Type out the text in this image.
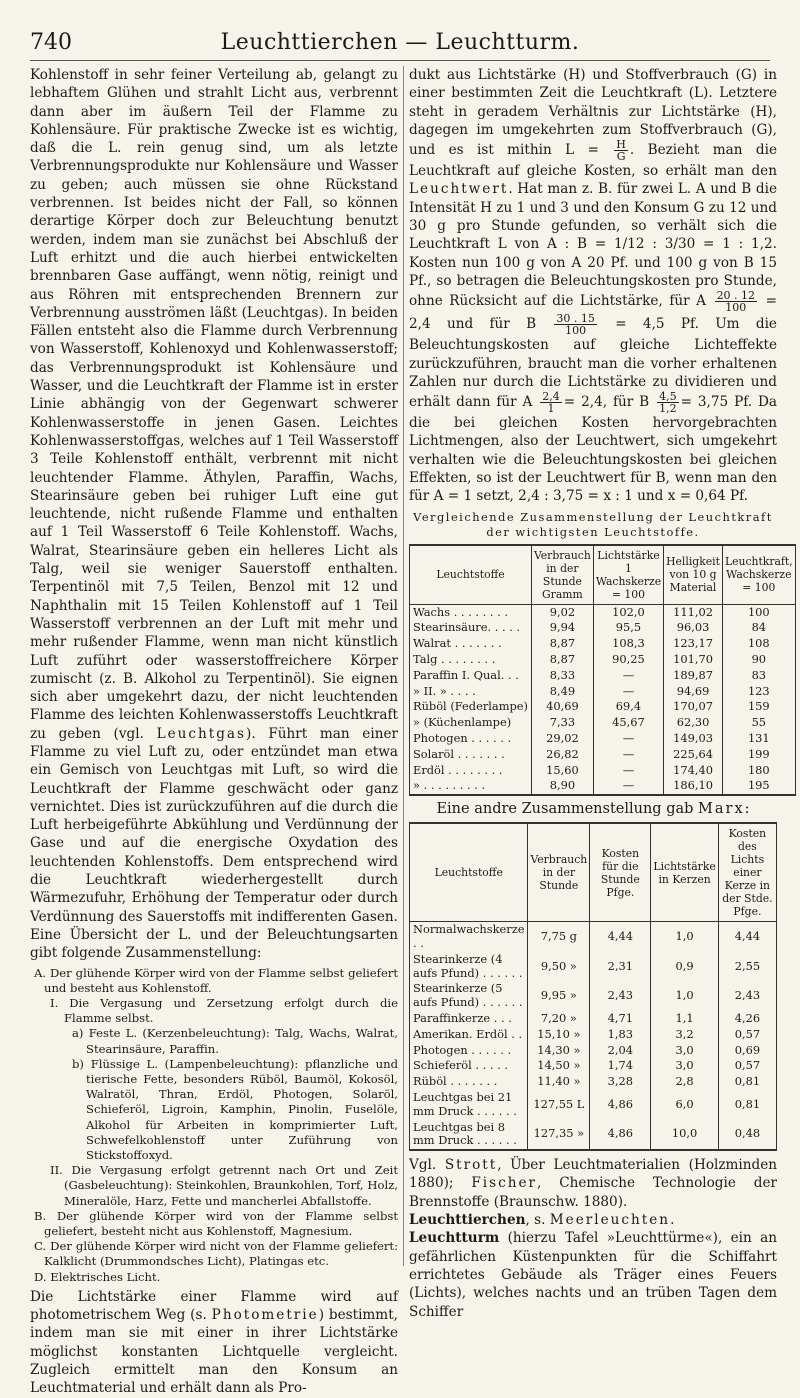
740	Leuchttierchen — Leuchtturm.

Kohlenstoff in sehr feiner Verteilung ab, gelangt zu lebhaftem Glühen und strahlt Licht aus, verbrennt dann aber im äußern Teil der Flamme zu Kohlensäure. Für praktische Zwecke ist es wichtig, daß die L. rein genug sind, um als letzte Verbrennungsprodukte nur Kohlensäure und Wasser zu geben; auch müssen sie ohne Rückstand verbrennen. Ist beides nicht der Fall, so können derartige Körper doch zur Beleuchtung benutzt werden, indem man sie zunächst bei Abschluß der Luft erhitzt und die auch hierbei entwickelten brennbaren Gase auffängt, wenn nötig, reinigt und aus Röhren mit entsprechenden Brennern zur Verbrennung ausströmen läßt (Leuchtgas). In beiden Fällen entsteht also die Flamme durch Verbrennung von Wasserstoff, Kohlenoxyd und Kohlenwasserstoff; das Verbrennungsprodukt ist Kohlensäure und Wasser, und die Leuchtkraft der Flamme ist in erster Linie abhängig von der Gegenwart schwerer Kohlenwasserstoffe in jenen Gasen. Leichtes Kohlenwasserstoffgas, welches auf 1 Teil Wasserstoff 3 Teile Kohlenstoff enthält, verbrennt mit nicht leuchtender Flamme. Äthylen, Paraffin, Wachs, Stearinsäure geben bei ruhiger Luft eine gut leuchtende, nicht rußende Flamme und enthalten auf 1 Teil Wasserstoff 6 Teile Kohlenstoff. Wachs, Walrat, Stearinsäure geben ein helleres Licht als Talg, weil sie weniger Sauerstoff enthalten. Terpentinöl mit 7,5 Teilen, Benzol mit 12 und Naphthalin mit 15 Teilen Kohlenstoff auf 1 Teil Wasserstoff verbrennen an der Luft mit mehr und mehr rußender Flamme, wenn man nicht künstlich Luft zuführt oder wasserstoffreichere Körper zumischt (z. B. Alkohol zu Terpentinöl). Sie eignen sich aber umgekehrt dazu, der nicht leuchtenden Flamme des leichten Kohlenwasserstoffs Leuchtkraft zu geben (vgl. Leuchtgas). Führt man einer Flamme zu viel Luft zu, oder entzündet man etwa ein Gemisch von Leuchtgas mit Luft, so wird die Leuchtkraft der Flamme geschwächt oder ganz vernichtet. Dies ist zurückzuführen auf die durch die Luft herbeigeführte Abkühlung und Verdünnung der Gase und auf die energische Oxydation des leuchtenden Kohlenstoffs. Dem entsprechend wird die Leuchtkraft wiederhergestellt durch Wärmezufuhr, Erhöhung der Temperatur oder durch Verdünnung des Sauerstoffs mit indifferenten Gasen. Eine Übersicht der L. und der Beleuchtungsarten gibt folgende Zusammenstellung:

A. Der glühende Körper wird von der Flamme selbst geliefert und besteht aus Kohlenstoff.
I. Die Vergasung und Zersetzung erfolgt durch die Flamme selbst.
a) Feste L. (Kerzenbeleuchtung): Talg, Wachs, Walrat, Stearinsäure, Paraffin.
b) Flüssige L. (Lampenbeleuchtung): pflanzliche und tierische Fette, besonders Rüböl, Baumöl, Kokosöl, Walratöl, Thran, Erdöl, Photogen, Solaröl, Schieferöl, Ligroin, Kamphin, Pinolin, Fuselöle, Alkohol für Arbeiten in komprimierter Luft, Schwefelkohlenstoff unter Zuführung von Stickstoffoxyd.
II. Die Vergasung erfolgt getrennt nach Ort und Zeit (Gasbeleuchtung): Steinkohlen, Braunkohlen, Torf, Holz, Mineralöle, Harz, Fette und mancherlei Abfallstoffe.
B. Der glühende Körper wird von der Flamme selbst geliefert, besteht nicht aus Kohlenstoff, Magnesium.
C. Der glühende Körper wird nicht von der Flamme geliefert: Kalklicht (Drummondsches Licht), Platingas etc.
D. Elektrisches Licht.

Die Lichtstärke einer Flamme wird auf photometrischem Weg (s. Photometrie) bestimmt, indem man sie mit einer in ihrer Lichtstärke möglichst konstanten Lichtquelle vergleicht. Zugleich ermittelt man den Konsum an Leuchtmaterial und erhält dann als Pro-

dukt aus Lichtstärke (H) und Stoffverbrauch (G) in einer bestimmten Zeit die Leuchtkraft (L). Letztere steht in geradem Verhältnis zur Lichtstärke (H), dagegen im umgekehrten zum Stoffverbrauch (G), und es ist mithin $L = \frac{H}{G}$ . Bezieht man die Leuchtkraft auf gleiche Kosten, so erhält man den Leuchtwert. Hat man z. B. für zwei L. A und B die Intensität H zu 1 und 3 und den Konsum G zu 12 und 30 g pro Stunde gefunden, so verhält sich die Leuchtkraft L von A : B = 1/12 : 3/30 = 1 : 1,2. Kosten nun 100 g von A 20 Pf. und 100 g von B 15 Pf., so betragen die Beleuchtungskosten pro Stunde, ohne Rücksicht auf die Lichtstärke, für A $\frac{20 . 12}{100} = 2,4$ und für B $\frac{30 . 15}{100} = 4,5$ Pf. Um die Beleuchtungskosten auf gleiche Lichteffekte zurückzuführen, braucht man die vorher erhaltenen Zahlen nur durch die Lichtstärke zu dividieren und erhält dann für A $\frac{2,4}{1} = 2,4$, für B $\frac{4,5}{1,2} = 3,75$ Pf. Da die bei gleichen Kosten hervorgebrachten Lichtmengen, also der Leuchtwert, sich umgekehrt verhalten wie die Beleuchtungskosten bei gleichen Effekten, so ist der Leuchtwert für B, wenn man den für A = 1 setzt, 2,4 : 3,75 = x : 1 und x = 0,64 Pf.

Vergleichende Zusammenstellung der Leuchtkraft
der wichtigsten Leuchtstoffe.
Leuchtstoffe	Verbrauch in der Stunde Gramm	Lichtstärke 1 Wachskerze = 100	Helligkeit von 10 g Material	Leuchtkraft, Wachskerze = 100
Wachs . . . . . . . .	9,02	102,0	111,02	100
Stearinsäure. . . . .	9,94	95,5	96,03	84
Walrat . . . . . . .	8,87	108,3	123,17	108
Talg . . . . . . . .	8,87	90,25	101,70	90
Paraffin I. Qual. . .	8,33	—	189,87	83
» II. » . . . .	8,49	—	94,69	123
Rüböl (Federlampe)	40,69	69,4	170,07	159
» (Küchenlampe)	7,33	45,67	62,30	55
Photogen . . . . . .	29,02	—	149,03	131
Solaröl . . . . . . .	26,82	—	225,64	199
Erdöl . . . . . . . .	15,60	—	174,40	180
» . . . . . . . . .	8,90	—	186,10	195
Eine andre Zusammenstellung gab Marx:
Leuchtstoffe	Verbrauch in der Stunde	Kosten für die Stunde Pfge.	Lichtstärke in Kerzen	Kosten des Lichts einer Kerze in der Stde. Pfge.
Normalwachskerze . .	7,75 g	4,44	1,0	4,44
Stearinkerze (4 aufs Pfund) . . . . . .	9,50 »	2,31	0,9	2,55
Stearinkerze (5 aufs Pfund) . . . . . .	9,95 »	2,43	1,0	2,43
Paraffinkerze . . .	7,20 »	4,71	1,1	4,26
Amerikan. Erdöl . .	15,10 »	1,83	3,2	0,57
Photogen . . . . . .	14,30 »	2,04	3,0	0,69
Schieferöl . . . . .	14,50 »	1,74	3,0	0,57
Rüböl . . . . . . .	11,40 »	3,28	2,8	0,81
Leuchtgas bei 21 mm Druck . . . . . .	127,55 L	4,86	6,0	0,81
Leuchtgas bei 8 mm Druck . . . . . .	127,35 »	4,86	10,0	0,48

Vgl. Strott, Über Leuchtmaterialien (Holzminden 1880); Fischer, Chemische Technologie der Brennstoffe (Braunschw. 1880).

Leuchttierchen, s. Meerleuchten.

Leuchtturm (hierzu Tafel »Leuchttürme«), ein an gefährlichen Küstenpunkten für die Schiffahrt errichtetes Gebäude als Träger eines Feuers (Lichts), welches nachts und an trüben Tagen dem Schiffer
